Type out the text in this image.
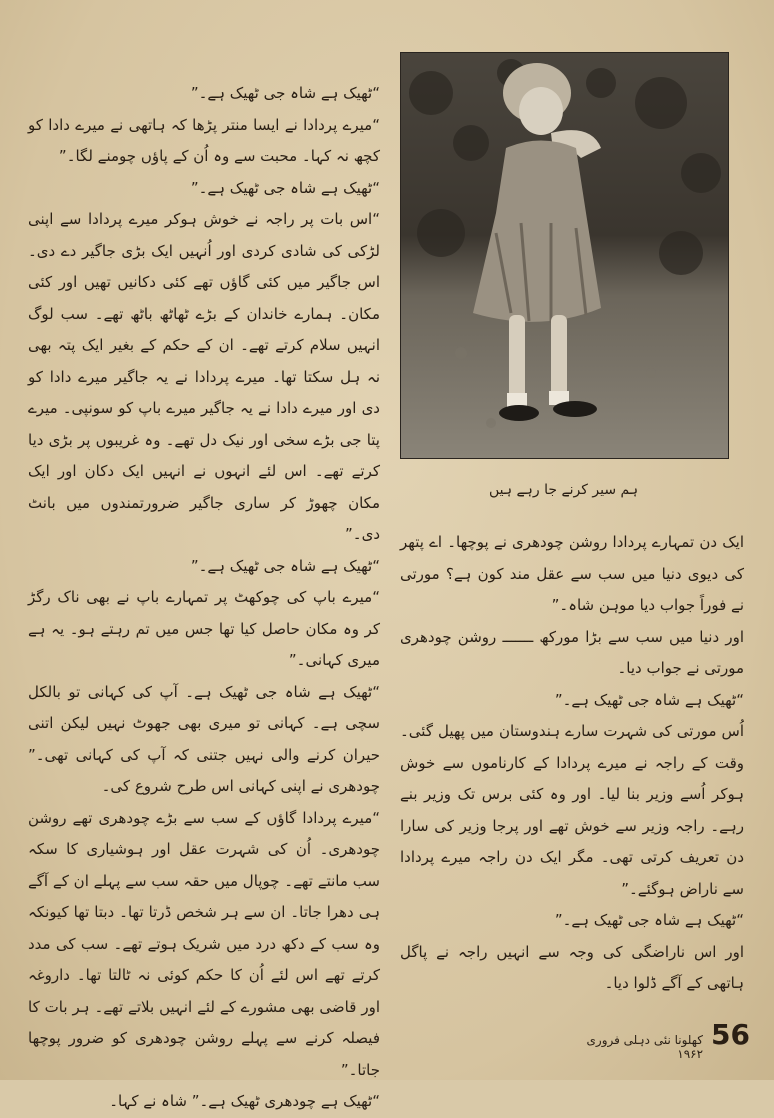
“ٹھیک ہے شاہ جی ٹھیک ہے۔”

“میرے پردادا نے ایسا منتر پڑھا کہ ہاتھی نے میرے دادا کو کچھ نہ کہا۔ محبت سے وہ اُن کے پاؤں چومنے لگا۔”

“ٹھیک ہے شاہ جی ٹھیک ہے۔”

“اس بات پر راجہ نے خوش ہوکر میرے پردادا سے اپنی لڑکی کی شادی کردی اور اُنہیں ایک بڑی جاگیر دے دی۔ اس جاگیر میں کئی گاؤں تھے کئی دکانیں تھیں اور کئی مکان۔ ہمارے خاندان کے بڑے ٹھاٹھ باٹھ تھے۔ سب لوگ انہیں سلام کرتے تھے۔ ان کے حکم کے بغیر ایک پتہ بھی نہ ہل سکتا تھا۔ میرے پردادا نے یہ جاگیر میرے دادا کو دی اور میرے دادا نے یہ جاگیر میرے باپ کو سونپی۔ میرے پتا جی بڑے سخی اور نیک دل تھے۔ وہ غریبوں پر بڑی دیا کرتے تھے۔ اس لئے انہوں نے انہیں ایک دکان اور ایک مکان چھوڑ کر ساری جاگیر ضرورتمندوں میں بانٹ دی۔”

“ٹھیک ہے شاہ جی ٹھیک ہے۔”

“میرے باپ کی چوکھٹ پر تمہارے باپ نے بھی ناک رگڑ کر وہ مکان حاصل کیا تھا جس میں تم رہتے ہو۔ یہ ہے میری کہانی۔”

“ٹھیک ہے شاہ جی ٹھیک ہے۔ آپ کی کہانی تو بالکل سچی ہے۔ کہانی تو میری بھی جھوٹ نہیں لیکن اتنی حیران کرنے والی نہیں جتنی کہ آپ کی کہانی تھی۔” چودھری نے اپنی کہانی اس طرح شروع کی۔

“میرے پردادا گاؤں کے سب سے بڑے چودھری تھے روشن چودھری۔ اُن کی شہرت عقل اور ہوشیاری کا سکہ سب مانتے تھے۔ چوپال میں حقہ سب سے پہلے ان کے آگے ہی دھرا جاتا۔ ان سے ہر شخص ڈرتا تھا۔ دبتا تھا کیونکہ وہ سب کے دکھ درد میں شریک ہوتے تھے۔ سب کی مدد کرتے تھے اس لئے اُن کا حکم کوئی نہ ٹالتا تھا۔ داروغہ اور قاضی بھی مشورے کے لئے انہیں بلاتے تھے۔ ہر بات کا فیصلہ کرنے سے پہلے روشن چودھری کو ضرور پوچھا جاتا۔”

“ٹھیک ہے چودھری ٹھیک ہے۔” شاہ نے کہا۔

ہم سیر کرنے جا رہے ہیں

ایک دن تمہارے پردادا روشن چودھری نے پوچھا۔ اے پتھر کی دیوی دنیا میں سب سے عقل مند کون ہے؟ مورتی نے فوراً جواب دیا موہن شاہ۔”

اور دنیا میں سب سے بڑا مورکھ ـــــــ روشن چودھری مورتی نے جواب دیا۔

“ٹھیک ہے شاہ جی ٹھیک ہے۔”

اُس مورتی کی شہرت سارے ہندوستان میں پھیل گئی۔ وقت کے راجہ نے میرے پردادا کے کارناموں سے خوش ہوکر اُسے وزیر بنا لیا۔ اور وہ کئی برس تک وزیر بنے رہے۔ راجہ وزیر سے خوش تھے اور پرجا وزیر کی سارا دن تعریف کرتی تھی۔ مگر ایک دن راجہ میرے پردادا سے ناراض ہوگئے۔”

“ٹھیک ہے شاہ جی ٹھیک ہے۔”

اور اس ناراضگی کی وجہ سے انہیں راجہ نے پاگل ہاتھی کے آگے ڈلوا دیا۔

56
کھلونا نئی دہلی فروری ۱۹۶۲
